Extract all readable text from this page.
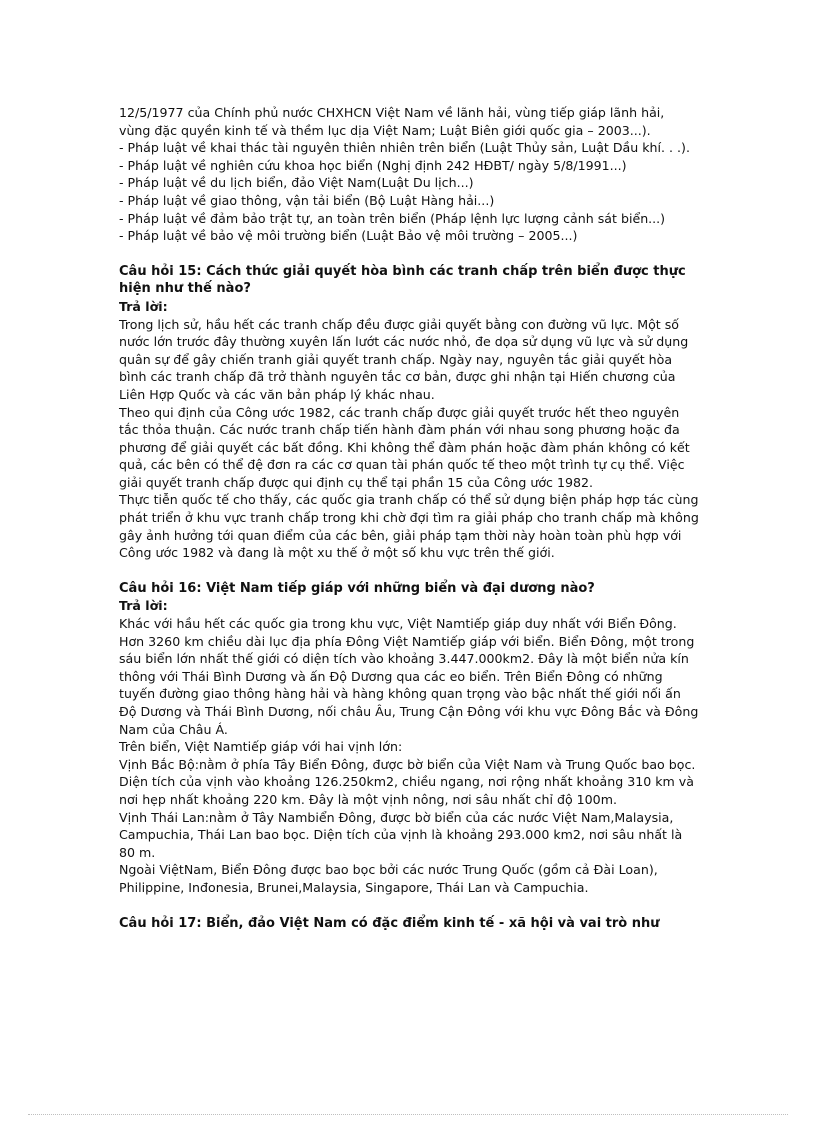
12/5/1977 của Chính phủ nước CHXHCN Việt Nam về lãnh hải, vùng tiếp giáp lãnh hải, vùng đặc quyền kinh tế và thềm lục dịa Việt Nam; Luật Biên giới quốc gia – 2003...).

- Pháp luật về khai thác tài nguyên thiên nhiên trên biển (Luật Thủy sản, Luật Dầu khí. . .).

- Pháp luật về nghiên cứu khoa học biển (Nghị định 242 HĐBT/ ngày 5/8/1991...)

- Pháp luật về du lịch biển, đảo Việt Nam(Luật Du lịch...)

- Pháp luật về giao thông, vận tải biển (Bộ Luật Hàng hải...)

- Pháp luật về đảm bảo trật tự, an toàn trên biển (Pháp lệnh lực lượng cảnh sát biển...)

- Pháp luật về bảo vệ môi trường biển (Luật Bảo vệ môi trường – 2005...)

Câu hỏi 15: Cách thức giải quyết hòa bình các tranh chấp trên biển được thực hiện như thế nào?

Trả lời:

Trong lịch sử, hầu hết các tranh chấp đều được giải quyết bằng con đường vũ lực. Một số nước lớn trước đây thường xuyên lấn lướt các nước nhỏ, đe dọa sử dụng vũ lực và sử dụng quân sự để gây chiến tranh giải quyết tranh chấp. Ngày nay, nguyên tắc giải quyết hòa bình các tranh chấp đã trở thành nguyên tắc cơ bản, được ghi nhận tại Hiến chương của Liên Hợp Quốc và các văn bản pháp lý khác nhau.

Theo qui định của Công ước 1982, các tranh chấp được giải quyết trước hết theo nguyên tắc thỏa thuận. Các nước tranh chấp tiến hành đàm phán với nhau song phương hoặc đa phương để giải quyết các bất đồng. Khi không thể đàm phán hoặc đàm phán không có kết quả, các bên có thể đệ đơn ra các cơ quan tài phán quốc tế theo một trình tự cụ thể. Việc giải quyết tranh chấp được qui định cụ thể tại phần 15 của Công ước 1982.

Thực tiễn quốc tế cho thấy, các quốc gia tranh chấp có thể sử dụng biện pháp hợp tác cùng phát triển ở khu vực tranh chấp trong khi chờ đợi tìm ra giải pháp cho tranh chấp mà không gây ảnh hưởng tới quan điểm của các bên, giải pháp tạm thời này hoàn toàn phù hợp với Công ước 1982 và đang là một xu thế ở một số khu vực trên thế giới.

Câu hỏi 16: Việt Nam tiếp giáp với những biển và đại dương nào?

Trả lời:

Khác với hầu hết các quốc gia trong khu vực, Việt Namtiếp giáp duy nhất với Biển Đông. Hơn 3260 km chiều dài lục địa phía Đông Việt Namtiếp giáp với biển. Biển Đông, một trong sáu biển lớn nhất thế giới có diện tích vào khoảng 3.447.000km2. Đây là một biển nửa kín thông với Thái Bình Dương và ấn Độ Dương qua các eo biển. Trên Biển Đông có những tuyến đường giao thông hàng hải và hàng không quan trọng vào bậc nhất thế giới nối ấn Độ Dương và Thái Bình Dương, nối châu Âu, Trung Cận Đông với khu vực Đông Bắc và Đông Nam của Châu Á.

Trên biển, Việt Namtiếp giáp với hai vịnh lớn:

Vịnh Bắc Bộ:nằm ở phía Tây Biển Đông, được bờ biển của Việt Nam và Trung Quốc bao bọc. Diện tích của vịnh vào khoảng 126.250km2, chiều ngang, nơi rộng nhất khoảng 310 km và nơi hẹp nhất khoảng 220 km. Đây là một vịnh nông, nơi sâu nhất chỉ độ 100m.

Vịnh Thái Lan:nằm ở Tây Nambiển Đông, được bờ biển của các nước Việt Nam,Malaysia, Campuchia, Thái Lan bao bọc. Diện tích của vịnh là khoảng 293.000 km2, nơi sâu nhất là 80 m.

Ngoài ViệtNam, Biển Đông được bao bọc bởi các nước Trung Quốc (gồm cả Đài Loan), Philippine, Inđonesia, Brunei,Malaysia, Singapore, Thái Lan và Campuchia.

Câu hỏi 17: Biển, đảo Việt Nam có đặc điểm kinh tế - xã hội và vai trò như
